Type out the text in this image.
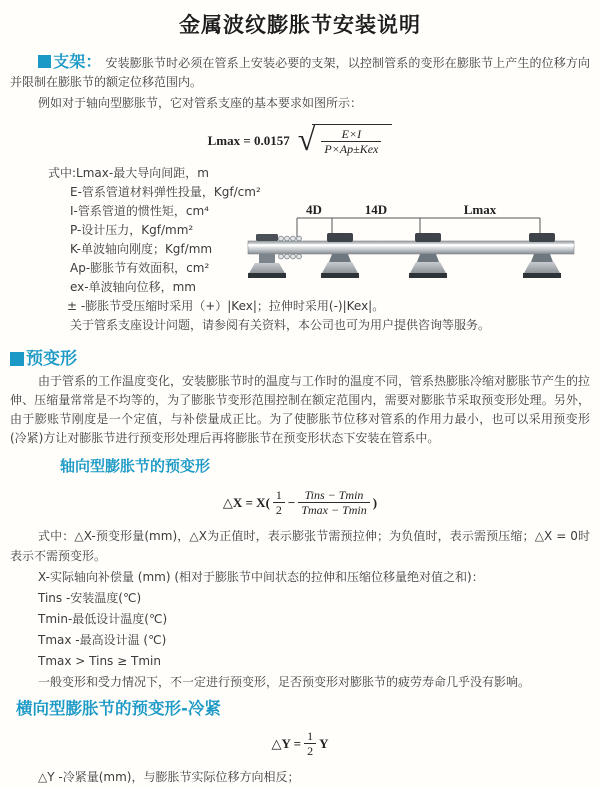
金属波纹膨胀节安装说明

支架： 安装膨胀节时必须在管系上安装必要的支架，以控制管系的变形在膨胀节上产生的位移方向并限制在膨胀节的额定位移范围内。

例如对于轴向型膨胀节，它对管系支座的基本要求如图所示：

Lmax = 0.0157 √ $\frac{E\times I}{\text{P×Ap±Kex}}$
式中:Lmax-最大导向间距，m
E-管系管道材料弹性投量，Kgf/cm²
I-管系管道的惯性矩，cm⁴
P-设计压力，Kgf/mm²
K-单波轴向刚度；Kgf/mm
Ap-膨胀节有效面积，cm²
ex-单波轴向位移，mm
± -膨胀节受压缩时采用（+）|Kex|；拉伸时采用(-)|Kex|。
关于管系支座设计问题，请参阅有关资料，本公司也可为用户提供咨询等服务。
预变形

由于管系的工作温度变化，安装膨胀节时的温度与工作时的温度不同，管系热膨胀冷缩对膨胀节产生的拉伸、压缩量常常是不均等的，为了膨胀节变形范围控制在额定范围内，需要对膨胀节采取预变形处理。另外，由于膨账节刚度是一个定值，与补偿量成正比。为了使膨胀节位移对管系的作用力最小，也可以采用预变形(冷紧)方让对膨胀节进行预变形处理后再将膨胀节在预变形状态下安装在管系中。

轴向型膨胀节的预变形
△X = $X( \frac{1}{2} - \frac{\text{Tins − Tmin}}{Tmax - Tmin}$ )
式中：△X-预变形量(mm)，△X为正值时，表示膨张节需预拉伸；为负值时，表示需预压缩；△X = 0时表示不需预变形。
X-实际轴向补偿量 (mm) (相对于膨胀节中间状态的拉伸和压缩位移量绝对值之和)：
Tins -安装温度(℃)
Tmin-最低设计温度(℃)
Tmax -最高设计温 (℃)
Tmax > Tins ≥ Tmin
一般变形和受力情况下，不一定进行预变形，足否预变形对膨胀节的疲劳寿命几乎没有影响。
横向型膨胀节的预变形-冷紧
△Y = $\frac{1}{2}$ Y
△Y -冷紧量(mm)，与膨胀节实际位移方向相反；
4D	14D	Lmax
